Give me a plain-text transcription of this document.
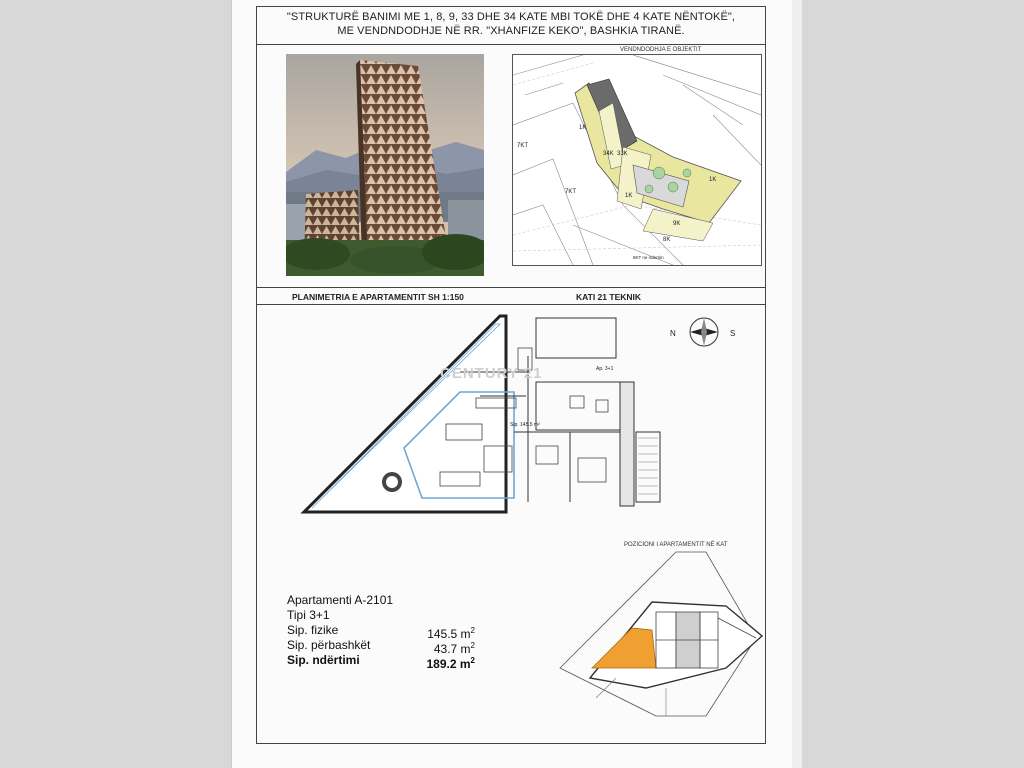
"STRUKTURË BANIMI ME 1, 8, 9, 33 DHE 34 KATE MBI TOKË DHE 4 KATE NËNTOKË",
ME VENDNDODHJE NË RR. "XHANFIZE KEKO", BASHKIA TIRANË.
7KT
7KT
1K
34K 33K
1K
1K
9K
8K
8KT ne ndertim
VENDNDODHJA E OBJEKTIT
PLANIMETRIA E APARTAMENTIT SH 1:150	KATI 21 TEKNIK
Sip. 145.5 m²
Ap. 3+1
CENTURY 21
N	S
POZICIONI I APARTAMENTIT NË KAT
Apartamenti A-2101
Tipi 3+1
Sip. fizike	145.5 $m^2$
Sip. përbashkët	43.7 $m^2$
Sip. ndërtimi	189.2 $m^2$
